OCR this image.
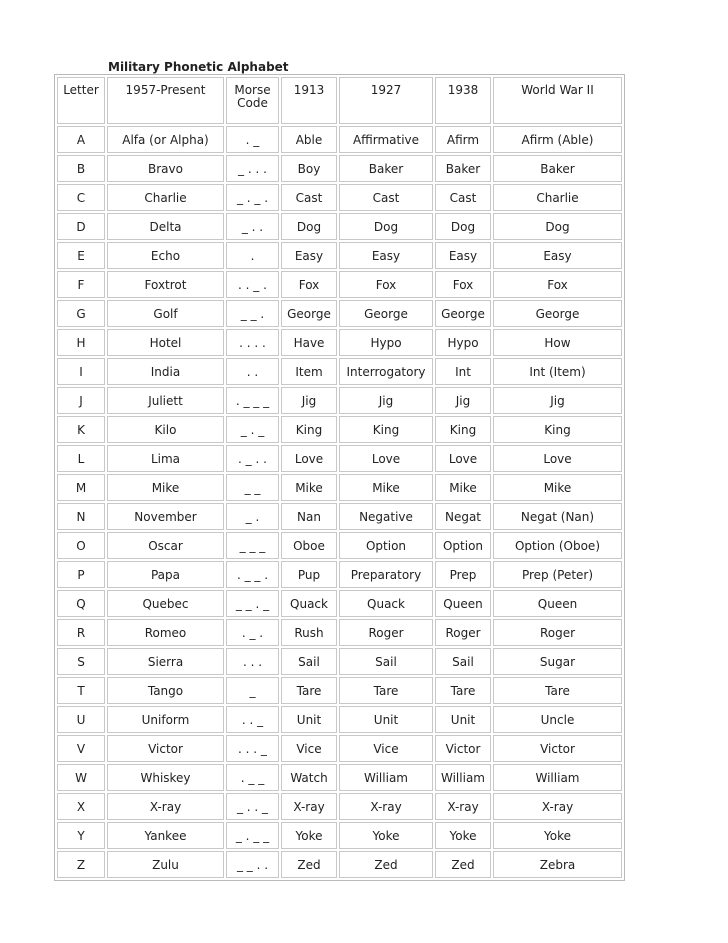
Military Phonetic Alphabet
Letter	1957-Present	Morse Code	1913	1927	1938	World War II
A	Alfa (or Alpha)	. _	Able	Affirmative	Afirm	Afirm (Able)
B	Bravo	_ . . .	Boy	Baker	Baker	Baker
C	Charlie	_ . _ .	Cast	Cast	Cast	Charlie
D	Delta	_ . .	Dog	Dog	Dog	Dog
E	Echo	.	Easy	Easy	Easy	Easy
F	Foxtrot	. . _ .	Fox	Fox	Fox	Fox
G	Golf	_ _ .	George	George	George	George
H	Hotel	. . . .	Have	Hypo	Hypo	How
I	India	. .	Item	Interrogatory	Int	Int (Item)
J	Juliett	. _ _ _	Jig	Jig	Jig	Jig
K	Kilo	_ . _	King	King	King	King
L	Lima	. _ . .	Love	Love	Love	Love
M	Mike	_ _	Mike	Mike	Mike	Mike
N	November	_ .	Nan	Negative	Negat	Negat (Nan)
O	Oscar	_ _ _	Oboe	Option	Option	Option (Oboe)
P	Papa	. _ _ .	Pup	Preparatory	Prep	Prep (Peter)
Q	Quebec	_ _ . _	Quack	Quack	Queen	Queen
R	Romeo	. _ .	Rush	Roger	Roger	Roger
S	Sierra	. . .	Sail	Sail	Sail	Sugar
T	Tango	_	Tare	Tare	Tare	Tare
U	Uniform	. . _	Unit	Unit	Unit	Uncle
V	Victor	. . . _	Vice	Vice	Victor	Victor
W	Whiskey	. _ _	Watch	William	William	William
X	X-ray	_ . . _	X-ray	X-ray	X-ray	X-ray
Y	Yankee	_ . _ _	Yoke	Yoke	Yoke	Yoke
Z	Zulu	_ _ . .	Zed	Zed	Zed	Zebra
